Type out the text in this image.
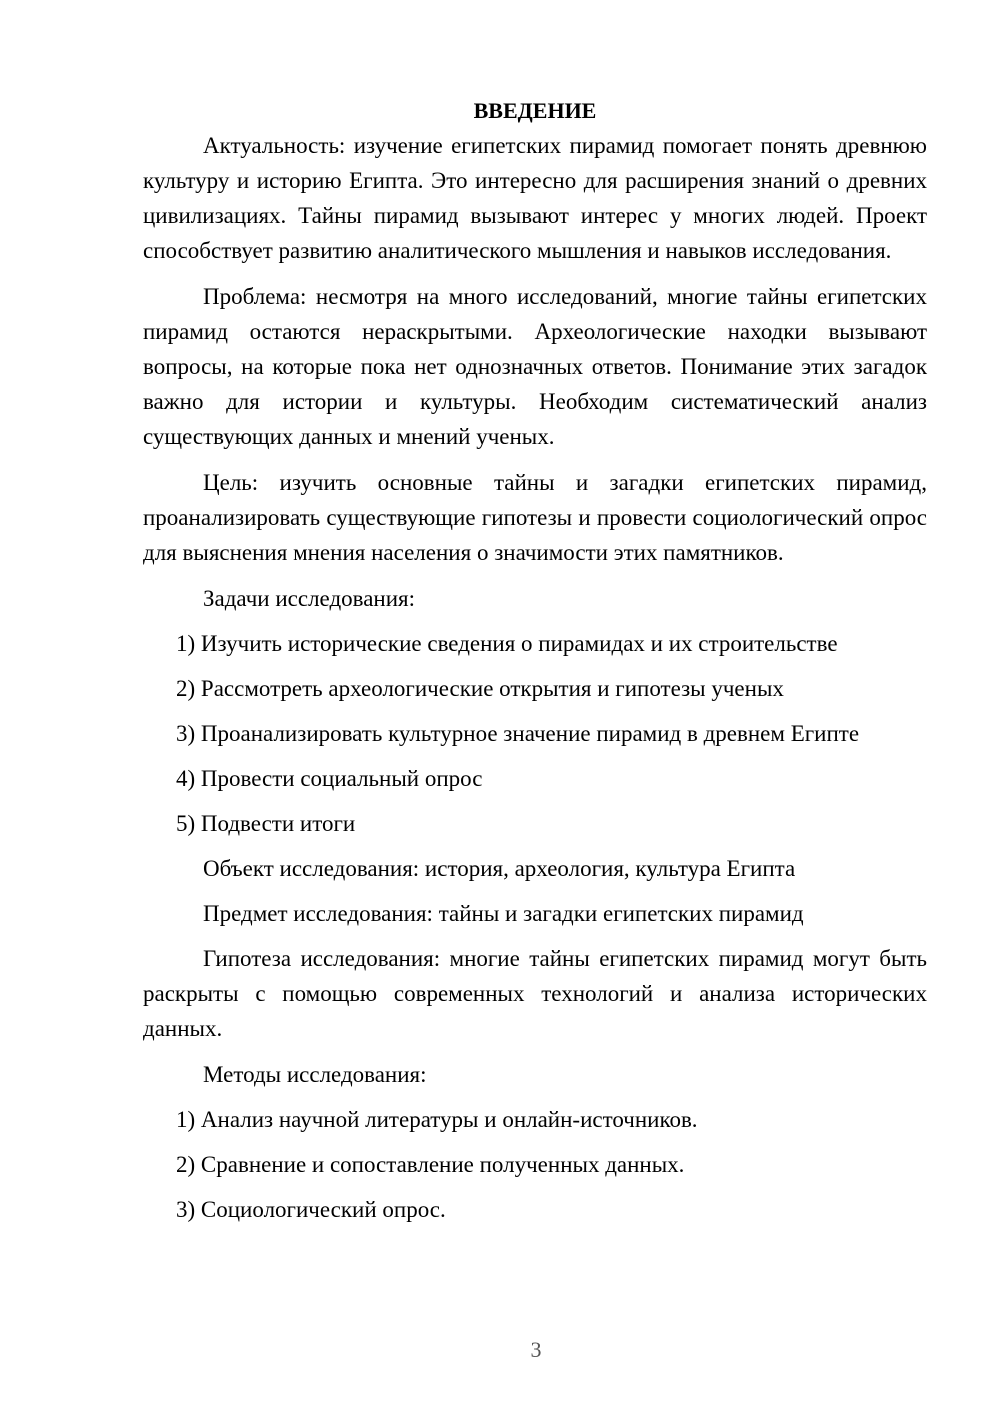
ВВЕДЕНИЕ

Актуальность: изучение египетских пирамид помогает понять древнюю культуру и историю Египта. Это интересно для расширения знаний о древних цивилизациях. Тайны пирамид вызывают интерес у многих людей. Проект способствует развитию аналитического мышления и навыков исследования.

Проблема: несмотря на много исследований, многие тайны египетских пирамид остаются нераскрытыми. Археологические находки вызывают вопросы, на которые пока нет однозначных ответов. Понимание этих загадок важно для истории и культуры. Необходим систематический анализ существующих данных и мнений ученых.

Цель: изучить основные тайны и загадки египетских пирамид, проанализировать существующие гипотезы и провести социологический опрос для выяснения мнения населения о значимости этих памятников.

Задачи исследования:
1) Изучить исторические сведения о пирамидах и их строительстве
2) Рассмотреть археологические открытия и гипотезы ученых
3) Проанализировать культурное значение пирамид в древнем Египте
4) Провести социальный опрос
5) Подвести итоги
Объект исследования: история, археология, культура Египта
Предмет исследования: тайны и загадки египетских пирамид

Гипотеза исследования: многие тайны египетских пирамид могут быть раскрыты с помощью современных технологий и анализа исторических данных.

Методы исследования:
1) Анализ научной литературы и онлайн-источников.
2) Сравнение и сопоставление полученных данных.
3) Социологический опрос.
3
